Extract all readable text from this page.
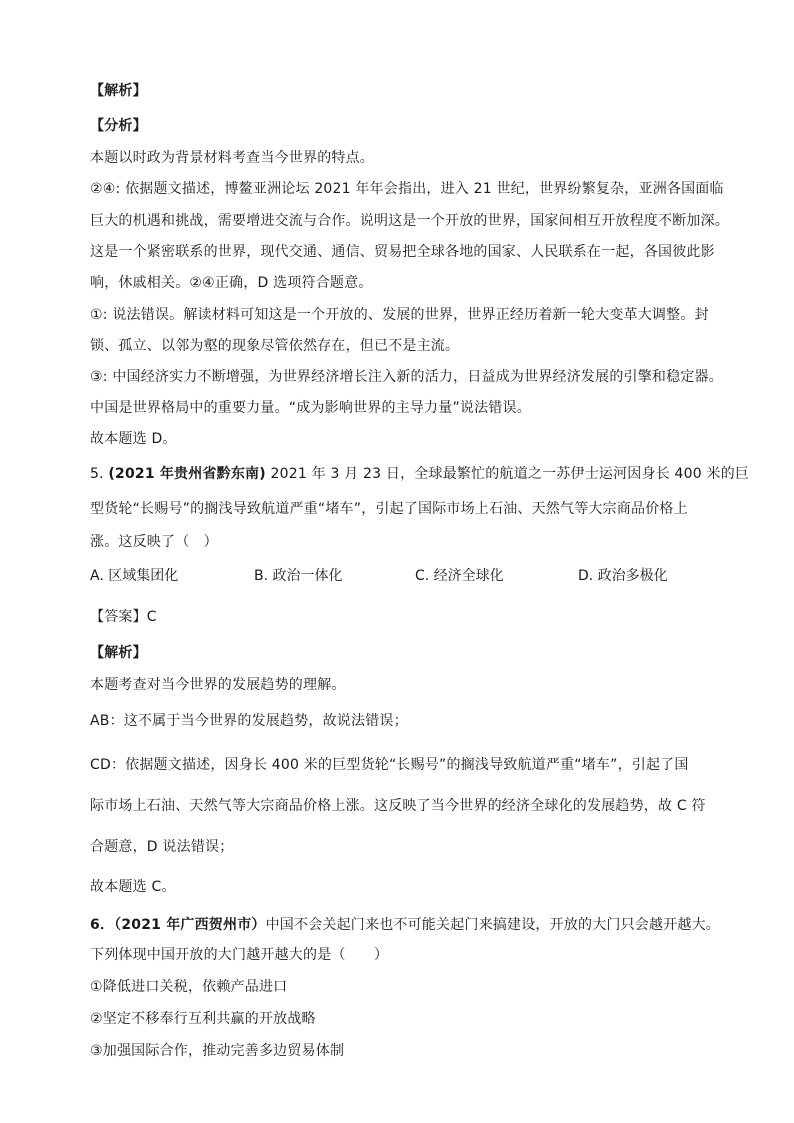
【解析】
【分析】
本题以时政为背景材料考查当今世界的特点。
②④: 依据题文描述，博鳌亚洲论坛 2021 年年会指出，进入 21 世纪，世界纷繁复杂，亚洲各国面临
巨大的机遇和挑战，需要增进交流与合作。说明这是一个开放的世界，国家间相互开放程度不断加深。
这是一个紧密联系的世界，现代交通、通信、贸易把全球各地的国家、人民联系在一起，各国彼此影
响，休戚相关。②④正确，D 选项符合题意。
①: 说法错误。解读材料可知这是一个开放的、发展的世界，世界正经历着新一轮大变革大调整。封
锁、孤立、以邻为壑的现象尽管依然存在，但已不是主流。
③: 中国经济实力不断增强，为世界经济增长注入新的活力，日益成为世界经济发展的引擎和稳定器。
中国是世界格局中的重要力量。“成为影响世界的主导力量”说法错误。
故本题选 D。
5. (2021 年贵州省黔东南) 2021 年 3 月 23 日，全球最繁忙的航道之一苏伊士运河因身长 400 米的巨
型货轮“长赐号”的搁浅导致航道严重“堵车”，引起了国际市场上石油、天然气等大宗商品价格上
涨。这反映了（　）
A. 区域集团化	B. 政治一体化	C. 经济全球化	D. 政治多极化
【答案】C
【解析】
本题考查对当今世界的发展趋势的理解。
AB：这不属于当今世界的发展趋势，故说法错误；
CD：依据题文描述，因身长 400 米的巨型货轮“长赐号”的搁浅导致航道严重“堵车”，引起了国
际市场上石油、天然气等大宗商品价格上涨。这反映了当今世界的经济全球化的发展趋势，故 C 符
合题意，D 说法错误；
故本题选 C。
6．（2021 年广西贺州市）中国不会关起门来也不可能关起门来搞建设，开放的大门只会越开越大。
下列体现中国开放的大门越开越大的是（　　）
①降低进口关税，依赖产品进口
②坚定不移奉行互利共赢的开放战略
③加强国际合作，推动完善多边贸易体制
